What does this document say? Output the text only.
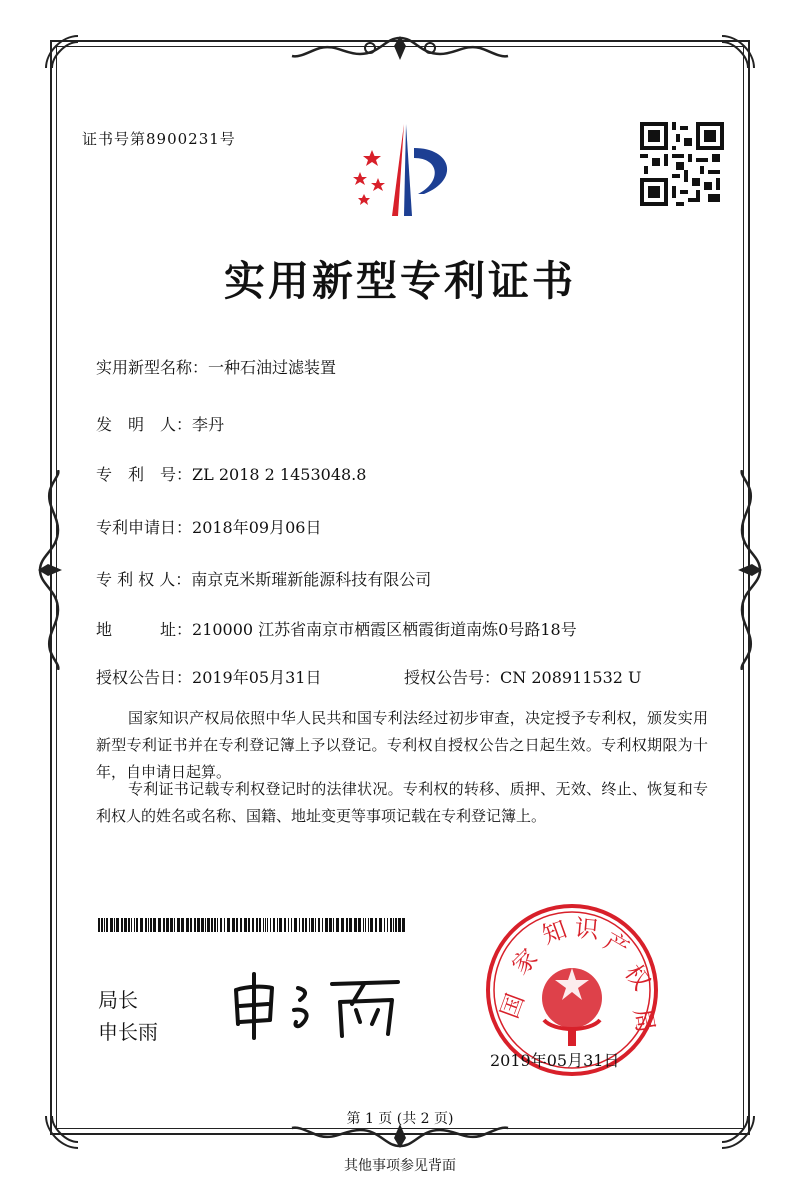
证书号第8900231号
实用新型专利证书
实用新型名称：一种石油过滤装置
发　明　人：李丹
专　利　号：ZL 2018 2 1453048.8
专利申请日：2018年09月06日
专 利 权 人：南京克米斯璀新能源科技有限公司
地　　　址：210000 江苏省南京市栖霞区栖霞街道南炼0号路18号
授权公告日：2019年05月31日	授权公告号：CN 208911532 U
国家知识产权局依照中华人民共和国专利法经过初步审查，决定授予专利权，颁发实用新型专利证书并在专利登记簿上予以登记。专利权自授权公告之日起生效。专利权期限为十年，自申请日起算。
专利证书记载专利权登记时的法律状况。专利权的转移、质押、无效、终止、恢复和专利权人的姓名或名称、国籍、地址变更等事项记载在专利登记簿上。
局长
申长雨
国
家
知 识 产
权
局
2019年05月31日
第 1 页 (共 2 页)
其他事项参见背面
